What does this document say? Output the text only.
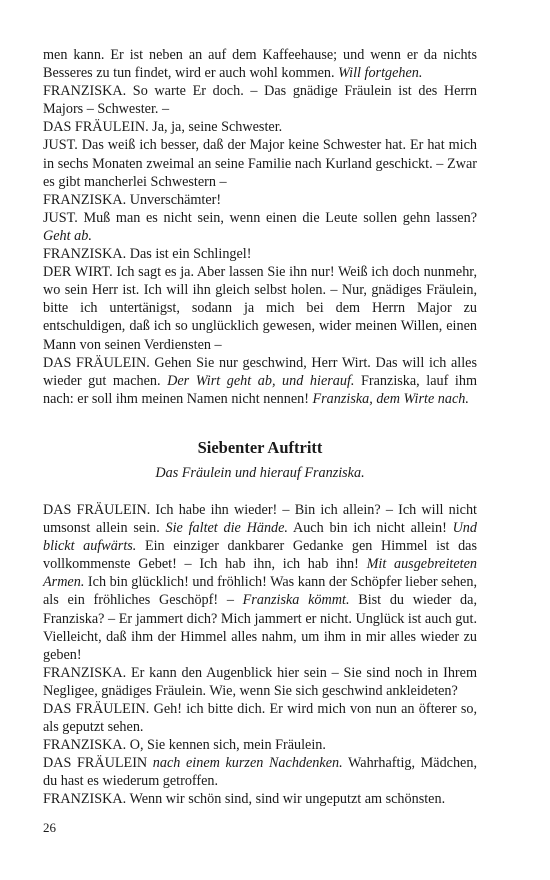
men kann. Er ist neben an auf dem Kaffeehause; und wenn er da nichts Besseres zu tun findet, wird er auch wohl kommen. Will fortgehen.

FRANZISKA. So warte Er doch. – Das gnädige Fräulein ist des Herrn Majors – Schwester. –

DAS FRÄULEIN. Ja, ja, seine Schwester.

JUST. Das weiß ich besser, daß der Major keine Schwester hat. Er hat mich in sechs Monaten zweimal an seine Familie nach Kurland geschickt. – Zwar es gibt mancherlei Schwestern –

FRANZISKA. Unverschämter!

JUST. Muß man es nicht sein, wenn einen die Leute sollen gehn lassen? Geht ab.

FRANZISKA. Das ist ein Schlingel!

DER WIRT. Ich sagt es ja. Aber lassen Sie ihn nur! Weiß ich doch nunmehr, wo sein Herr ist. Ich will ihn gleich selbst holen. – Nur, gnädiges Fräulein, bitte ich untertänigst, sodann ja mich bei dem Herrn Major zu entschuldigen, daß ich so unglücklich gewesen, wider meinen Willen, einen Mann von seinen Verdiensten –

DAS FRÄULEIN. Gehen Sie nur geschwind, Herr Wirt. Das will ich alles wieder gut machen. Der Wirt geht ab, und hierauf. Franziska, lauf ihm nach: er soll ihm meinen Namen nicht nennen! Franziska, dem Wirte nach.

Siebenter Auftritt
Das Fräulein und hierauf Franziska.

DAS FRÄULEIN. Ich habe ihn wieder! – Bin ich allein? – Ich will nicht umsonst allein sein. Sie faltet die Hände. Auch bin ich nicht allein! Und blickt aufwärts. Ein einziger dankbarer Gedanke gen Himmel ist das vollkommenste Gebet! – Ich hab ihn, ich hab ihn! Mit ausgebreiteten Armen. Ich bin glücklich! und fröhlich! Was kann der Schöpfer lieber sehen, als ein fröhliches Geschöpf! – Franziska kömmt. Bist du wieder da, Franziska? – Er jammert dich? Mich jammert er nicht. Unglück ist auch gut. Vielleicht, daß ihm der Himmel alles nahm, um ihm in mir alles wieder zu geben!

FRANZISKA. Er kann den Augenblick hier sein – Sie sind noch in Ihrem Negligee, gnädiges Fräulein. Wie, wenn Sie sich geschwind ankleideten?

DAS FRÄULEIN. Geh! ich bitte dich. Er wird mich von nun an öfterer so, als geputzt sehen.

FRANZISKA. O, Sie kennen sich, mein Fräulein.

DAS FRÄULEIN nach einem kurzen Nachdenken. Wahrhaftig, Mädchen, du hast es wiederum getroffen.

FRANZISKA. Wenn wir schön sind, sind wir ungeputzt am schönsten.

26
